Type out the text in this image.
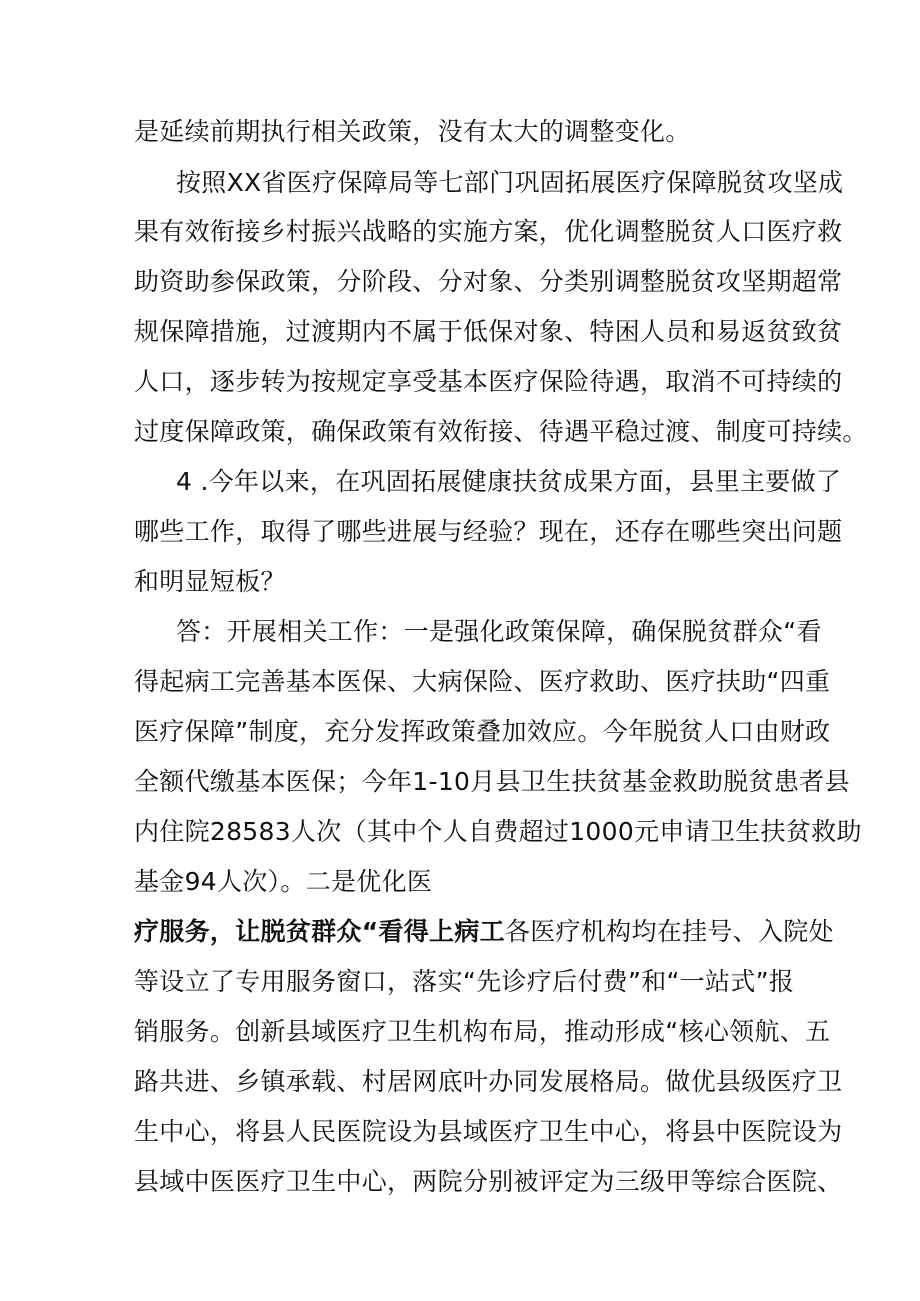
是延续前期执行相关政策，没有太大的调整变化。
按照XX省医疗保障局等七部门巩固拓展医疗保障脱贫攻坚成
果有效衔接乡村振兴战略的实施方案，优化调整脱贫人口医疗救
助资助参保政策，分阶段、分对象、分类别调整脱贫攻坚期超常
规保障措施，过渡期内不属于低保对象、特困人员和易返贫致贫
人口，逐步转为按规定享受基本医疗保险待遇，取消不可持续的
过度保障政策，确保政策有效衔接、待遇平稳过渡、制度可持续。
4 .今年以来，在巩固拓展健康扶贫成果方面，县里主要做了
哪些工作，取得了哪些进展与经验？现在，还存在哪些突出问题
和明显短板？
答：开展相关工作：一是强化政策保障，确保脱贫群众“看
得起病工完善基本医保、大病保险、医疗救助、医疗扶助“四重
医疗保障”制度，充分发挥政策叠加效应。今年脱贫人口由财政
全额代缴基本医保；今年1-10月县卫生扶贫基金救助脱贫患者县
内住院28583人次（其中个人自费超过1000元申请卫生扶贫救助
基金94人次）。二是优化医
疗服务，让脱贫群众“看得上病工各医疗机构均在挂号、入院处
等设立了专用服务窗口，落实“先诊疗后付费”和“一站式”报
销服务。创新县域医疗卫生机构布局，推动形成“核心领航、五
路共进、乡镇承载、村居网底叶办同发展格局。做优县级医疗卫
生中心，将县人民医院设为县域医疗卫生中心，将县中医院设为
县域中医医疗卫生中心，两院分别被评定为三级甲等综合医院、
